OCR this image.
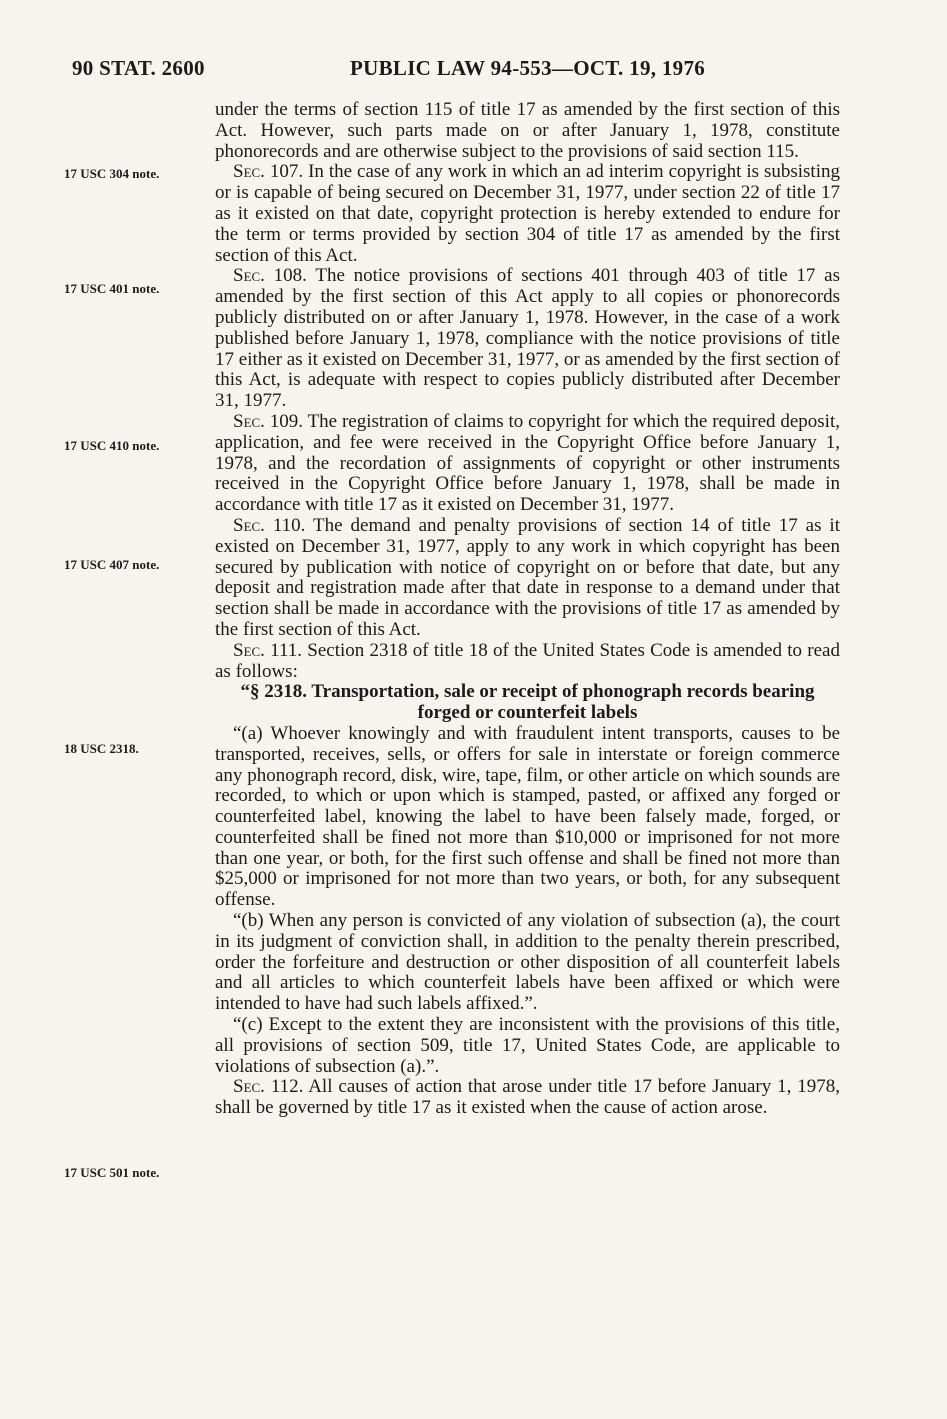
90 STAT. 2600	PUBLIC LAW 94-553—OCT. 19, 1976
17 USC 304 note.
17 USC 401 note.
17 USC 410 note.
17 USC 407 note.
18 USC 2318.
17 USC 501 note.

under the terms of section 115 of title 17 as amended by the first section of this Act. However, such parts made on or after January 1, 1978, constitute phonorecords and are otherwise subject to the provisions of said section 115.

Sec. 107. In the case of any work in which an ad interim copyright is subsisting or is capable of being secured on December 31, 1977, under section 22 of title 17 as it existed on that date, copyright protection is hereby extended to endure for the term or terms provided by section 304 of title 17 as amended by the first section of this Act.

Sec. 108. The notice provisions of sections 401 through 403 of title 17 as amended by the first section of this Act apply to all copies or phonorecords publicly distributed on or after January 1, 1978. However, in the case of a work published before January 1, 1978, compliance with the notice provisions of title 17 either as it existed on December 31, 1977, or as amended by the first section of this Act, is adequate with respect to copies publicly distributed after December 31, 1977.

Sec. 109. The registration of claims to copyright for which the required deposit, application, and fee were received in the Copyright Office before January 1, 1978, and the recordation of assignments of copyright or other instruments received in the Copyright Office before January 1, 1978, shall be made in accordance with title 17 as it existed on December 31, 1977.

Sec. 110. The demand and penalty provisions of section 14 of title 17 as it existed on December 31, 1977, apply to any work in which copyright has been secured by publication with notice of copyright on or before that date, but any deposit and registration made after that date in response to a demand under that section shall be made in accordance with the provisions of title 17 as amended by the first section of this Act.

Sec. 111. Section 2318 of title 18 of the United States Code is amended to read as follows:

“§ 2318. Transportation, sale or receipt of phonograph records bearing forged or counterfeit labels

“(a) Whoever knowingly and with fraudulent intent transports, causes to be transported, receives, sells, or offers for sale in interstate or foreign commerce any phonograph record, disk, wire, tape, film, or other article on which sounds are recorded, to which or upon which is stamped, pasted, or affixed any forged or counterfeited label, knowing the label to have been falsely made, forged, or counterfeited shall be fined not more than $10,000 or imprisoned for not more than one year, or both, for the first such offense and shall be fined not more than $25,000 or imprisoned for not more than two years, or both, for any subsequent offense.

“(b) When any person is convicted of any violation of subsection (a), the court in its judgment of conviction shall, in addition to the penalty therein prescribed, order the forfeiture and destruction or other disposition of all counterfeit labels and all articles to which counterfeit labels have been affixed or which were intended to have had such labels affixed.”.

“(c) Except to the extent they are inconsistent with the provisions of this title, all provisions of section 509, title 17, United States Code, are applicable to violations of subsection (a).”.

Sec. 112. All causes of action that arose under title 17 before January 1, 1978, shall be governed by title 17 as it existed when the cause of action arose.
